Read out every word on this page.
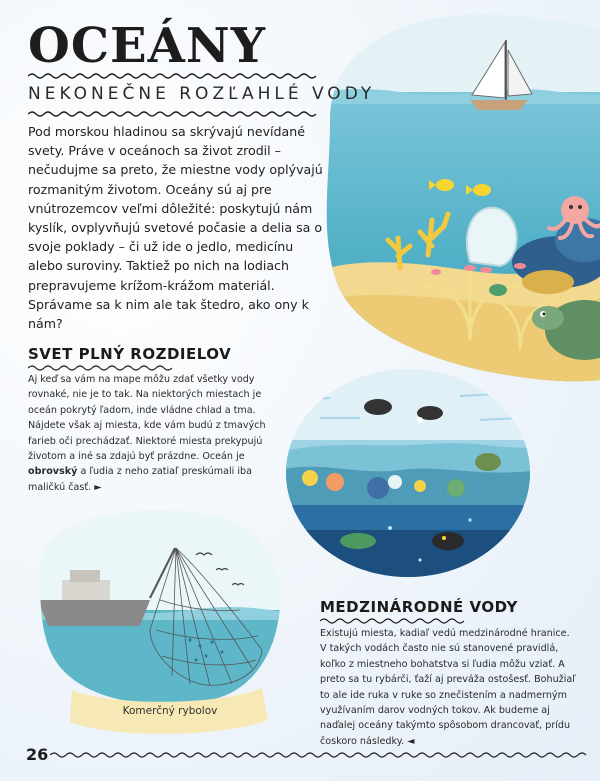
OCEÁNY

NEKONEČNE ROZĽAHLÉ VODY

Pod morskou hladinou sa skrývajú nevídané svety. Práve v oceánoch sa život zrodil – nečudujme sa preto, že miestne vody oplývajú rozmanitým životom. Oceány sú aj pre vnútrozemcov veľmi dôležité: poskytujú nám kyslík, ovplyvňujú svetové počasie a delia sa o svoje poklady – či už ide o jedlo, medicínu alebo suroviny. Taktiež po nich na lodiach prepravujeme krížom-krážom materiál. Správame sa k nim ale tak štedro, ako ony k nám?

SVET PLNÝ ROZDIELOV

Aj keď sa vám na mape môžu zdať všetky vody rovnaké, nie je to tak. Na niektorých miestach je oceán pokrytý ľadom, inde vládne chlad a tma. Nájdete však aj miesta, kde vám budú z tmavých farieb oči prechádzať. Niektoré miesta prekypujú životom a iné sa zdajú byť prázdne. Oceán je obrovský a ľudia z neho zatiaľ preskúmali iba maličkú časť. ►

MEDZINÁRODNÉ VODY

Existujú miesta, kadiaľ vedú medzinárodné hranice. V takých vodách často nie sú stanovené pravidlá, koľko z miestneho bohatstva si ľudia môžu vziať. A preto sa tu rybárči, ťaží aj preváža ostošesť. Bohužiaľ to ale ide ruka v ruke so znečistením a nadmerným využívaním darov vodných tokov. Ak budeme aj naďalej oceány takýmto spôsobom drancovať, prídu čoskoro následky. ◄

Komerčný rybolov
26
